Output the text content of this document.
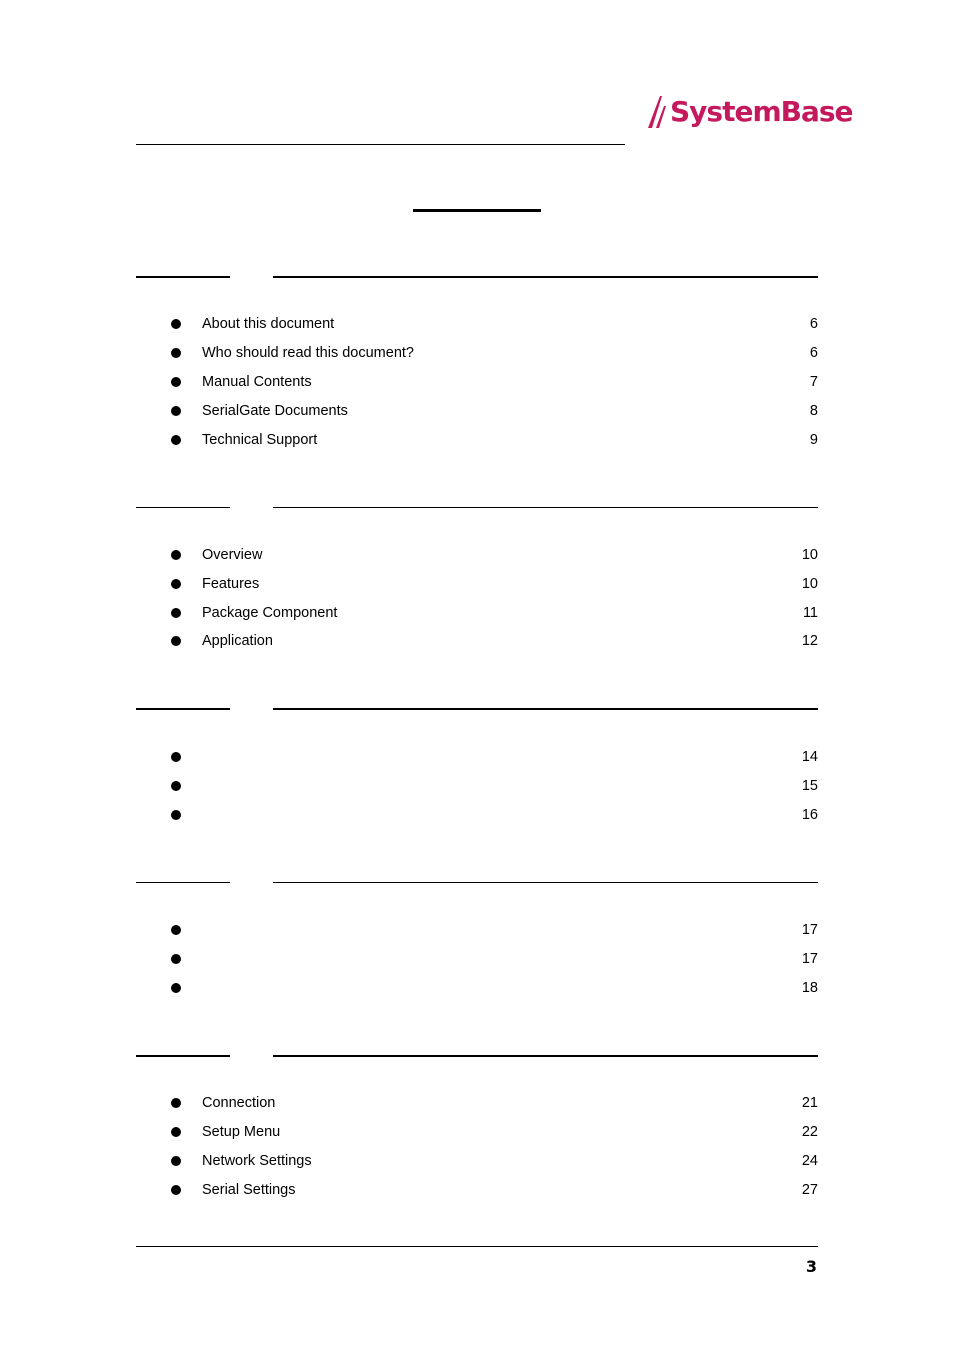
SystemBase
About this document	6
Who should read this document?	6
Manual Contents	7
SerialGate Documents	8
Technical Support	9
Overview	10
Features	10
Package Component	11
Application	12
14
15
16
17
17
18
Connection	21
Setup Menu	22
Network Settings	24
Serial Settings	27
3
